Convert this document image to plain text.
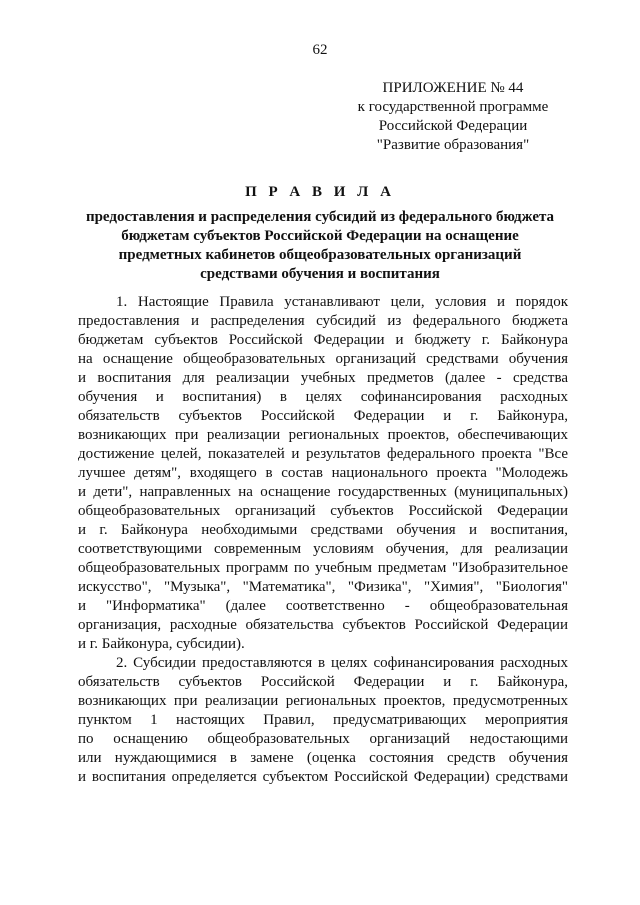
62
ПРИЛОЖЕНИЕ № 44
к государственной программе
Российской Федерации
"Развитие образования"
П Р А В И Л А
предоставления и распределения субсидий из федерального бюджета
бюджетам субъектов Российской Федерации на оснащение
предметных кабинетов общеобразовательных организаций
средствами обучения и воспитания
1. Настоящие Правила устанавливают цели, условия и порядок
предоставления и распределения субсидий из федерального бюджета
бюджетам субъектов Российской Федерации и бюджету г. Байконура
на оснащение общеобразовательных организаций средствами обучения
и воспитания для реализации учебных предметов (далее - средства
обучения и воспитания) в целях софинансирования расходных
обязательств субъектов Российской Федерации и г. Байконура,
возникающих при реализации региональных проектов, обеспечивающих
достижение целей, показателей и результатов федерального проекта "Все
лучшее детям", входящего в состав национального проекта "Молодежь
и дети", направленных на оснащение государственных (муниципальных)
общеобразовательных организаций субъектов Российской Федерации
и г. Байконура необходимыми средствами обучения и воспитания,
соответствующими современным условиям обучения, для реализации
общеобразовательных программ по учебным предметам "Изобразительное
искусство", "Музыка", "Математика", "Физика", "Химия", "Биология"
и "Информатика" (далее соответственно - общеобразовательная
организация, расходные обязательства субъектов Российской Федерации
и г. Байконура, субсидии).
2. Субсидии предоставляются в целях софинансирования расходных
обязательств субъектов Российской Федерации и г. Байконура,
возникающих при реализации региональных проектов, предусмотренных
пунктом 1 настоящих Правил, предусматривающих мероприятия
по оснащению общеобразовательных организаций недостающими
или нуждающимися в замене (оценка состояния средств обучения
и воспитания определяется субъектом Российской Федерации) средствами
